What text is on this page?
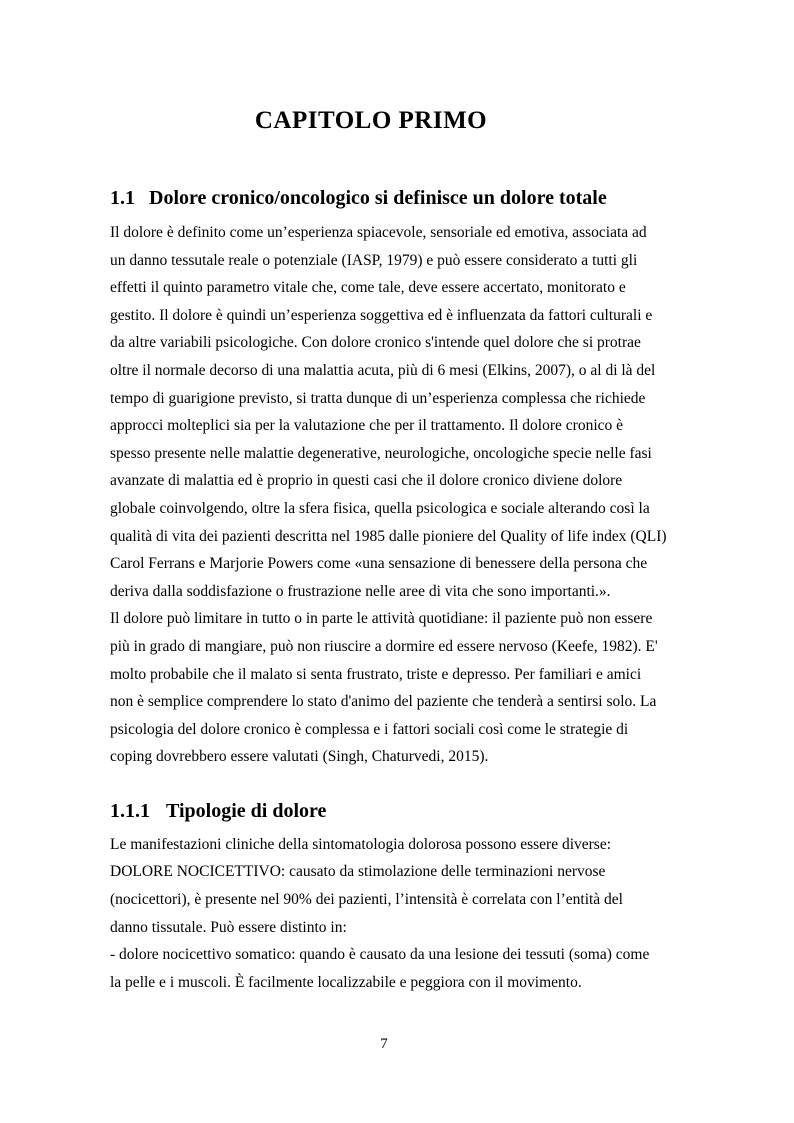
CAPITOLO PRIMO
1.1 Dolore cronico/oncologico si definisce un dolore totale
Il dolore è definito come un’esperienza spiacevole, sensoriale ed emotiva, associata ad
un danno tessutale reale o potenziale (IASP, 1979) e può essere considerato a tutti gli
effetti il quinto parametro vitale che, come tale, deve essere accertato, monitorato e
gestito. Il dolore è quindi un’esperienza soggettiva ed è influenzata da fattori culturali e
da altre variabili psicologiche. Con dolore cronico s'intende quel dolore che si protrae
oltre il normale decorso di una malattia acuta, più di 6 mesi (Elkins, 2007), o al di là del
tempo di guarigione previsto, si tratta dunque di un’esperienza complessa che richiede
approcci molteplici sia per la valutazione che per il trattamento. Il dolore cronico è
spesso presente nelle malattie degenerative, neurologiche, oncologiche specie nelle fasi
avanzate di malattia ed è proprio in questi casi che il dolore cronico diviene dolore
globale coinvolgendo, oltre la sfera fisica, quella psicologica e sociale alterando così la
qualità di vita dei pazienti descritta nel 1985 dalle pioniere del Quality of life index (QLI)
Carol Ferrans e Marjorie Powers come «una sensazione di benessere della persona che
deriva dalla soddisfazione o frustrazione nelle aree di vita che sono importanti.».
Il dolore può limitare in tutto o in parte le attività quotidiane: il paziente può non essere
più in grado di mangiare, può non riuscire a dormire ed essere nervoso (Keefe, 1982). E'
molto probabile che il malato si senta frustrato, triste e depresso. Per familiari e amici
non è semplice comprendere lo stato d'animo del paziente che tenderà a sentirsi solo. La
psicologia del dolore cronico è complessa e i fattori sociali così come le strategie di
coping dovrebbero essere valutati (Singh, Chaturvedi, 2015).
1.1.1 Tipologie di dolore
Le manifestazioni cliniche della sintomatologia dolorosa possono essere diverse:
DOLORE NOCICETTIVO: causato da stimolazione delle terminazioni nervose
(nocicettori), è presente nel 90% dei pazienti, l’intensità è correlata con l’entità del
danno tissutale. Può essere distinto in:
- dolore nocicettivo somatico: quando è causato da una lesione dei tessuti (soma) come
la pelle e i muscoli. È facilmente localizzabile e peggiora con il movimento.
7
